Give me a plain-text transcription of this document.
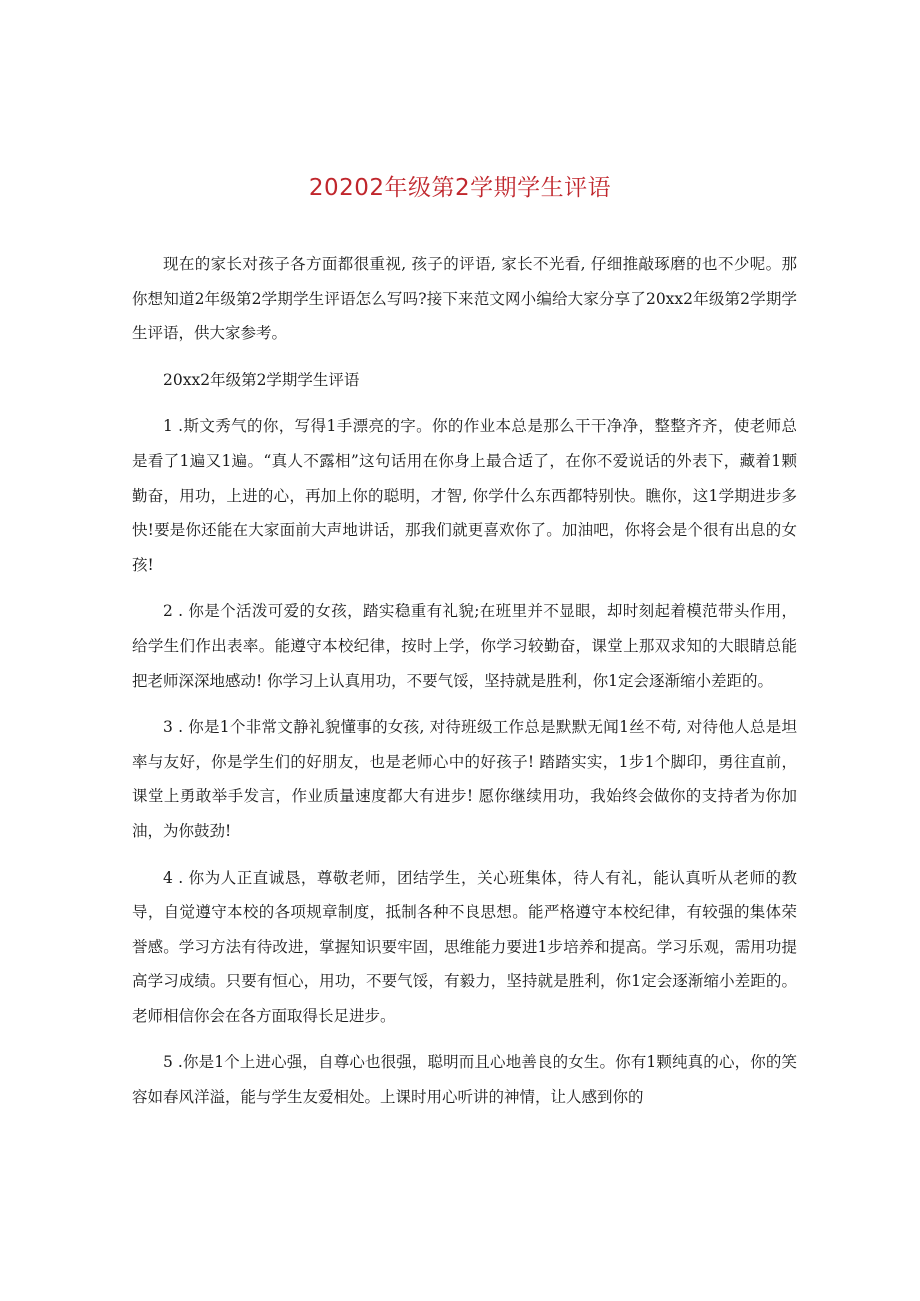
20202年级第2学期学生评语

现在的家长对孩子各方面都很重视, 孩子的评语, 家长不光看, 仔细推敲琢磨的也不少呢。那你想知道2年级第2学期学生评语怎么写吗?接下来范文网小编给大家分享了20xx2年级第2学期学生评语，供大家参考。

20xx2年级第2学期学生评语

1 .斯文秀气的你，写得1手漂亮的字。你的作业本总是那么干干净净，整整齐齐，使老师总是看了1遍又1遍。“真人不露相”这句话用在你身上最合适了，在你不爱说话的外表下，藏着1颗勤奋，用功，上进的心，再加上你的聪明，才智, 你学什么东西都特别快。瞧你，这1学期进步多快!要是你还能在大家面前大声地讲话，那我们就更喜欢你了。加油吧，你将会是个很有出息的女孩!

2 . 你是个活泼可爱的女孩，踏实稳重有礼貌;在班里并不显眼，却时刻起着模范带头作用，给学生们作出表率。能遵守本校纪律，按时上学，你学习较勤奋，课堂上那双求知的大眼睛总能把老师深深地感动! 你学习上认真用功，不要气馁，坚持就是胜利，你1定会逐渐缩小差距的。

3 . 你是1个非常文静礼貌懂事的女孩, 对待班级工作总是默默无闻1丝不苟, 对待他人总是坦率与友好，你是学生们的好朋友，也是老师心中的好孩子! 踏踏实实，1步1个脚印，勇往直前，课堂上勇敢举手发言，作业质量速度都大有进步! 愿你继续用功，我始终会做你的支持者为你加油，为你鼓劲!

4 . 你为人正直诚恳，尊敬老师，团结学生，关心班集体，待人有礼，能认真听从老师的教导，自觉遵守本校的各项规章制度，抵制各种不良思想。能严格遵守本校纪律，有较强的集体荣誉感。学习方法有待改进，掌握知识要牢固，思维能力要进1步培养和提高。学习乐观，需用功提高学习成绩。只要有恒心，用功，不要气馁，有毅力，坚持就是胜利，你1定会逐渐缩小差距的。老师相信你会在各方面取得长足进步。

5 .你是1个上进心强，自尊心也很强，聪明而且心地善良的女生。你有1颗纯真的心，你的笑容如春风洋溢，能与学生友爱相处。上课时用心听讲的神情，让人感到你的
